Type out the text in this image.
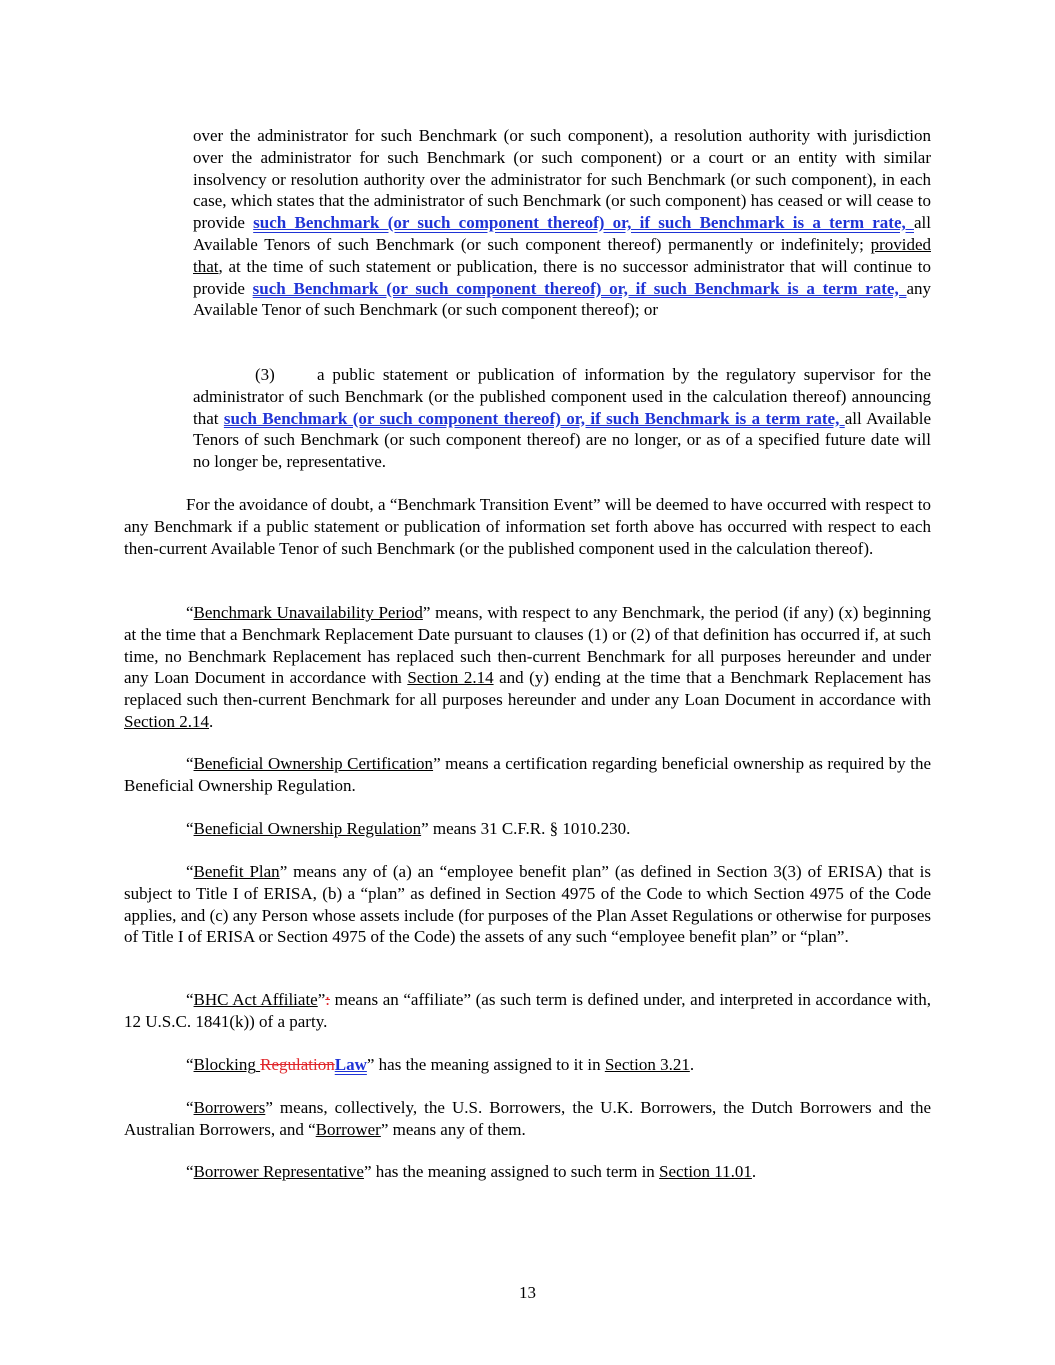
over the administrator for such Benchmark (or such component), a resolution authority with jurisdiction over the administrator for such Benchmark (or such component) or a court or an entity with similar insolvency or resolution authority over the administrator for such Benchmark (or such component), in each case, which states that the administrator of such Benchmark (or such component) has ceased or will cease to provide such Benchmark (or such component thereof) or, if such Benchmark is a term rate, all Available Tenors of such Benchmark (or such component thereof) permanently or indefinitely; provided that, at the time of such statement or publication, there is no successor administrator that will continue to provide such Benchmark (or such component thereof) or, if such Benchmark is a term rate, any Available Tenor of such Benchmark (or such component thereof); or

(3) a public statement or publication of information by the regulatory supervisor for the administrator of such Benchmark (or the published component used in the calculation thereof) announcing that such Benchmark (or such component thereof) or, if such Benchmark is a term rate, all Available Tenors of such Benchmark (or such component thereof) are no longer, or as of a specified future date will no longer be, representative.

For the avoidance of doubt, a “Benchmark Transition Event” will be deemed to have occurred with respect to any Benchmark if a public statement or publication of information set forth above has occurred with respect to each then-current Available Tenor of such Benchmark (or the published component used in the calculation thereof).

“Benchmark Unavailability Period” means, with respect to any Benchmark, the period (if any) (x) beginning at the time that a Benchmark Replacement Date pursuant to clauses (1) or (2) of that definition has occurred if, at such time, no Benchmark Replacement has replaced such then-current Benchmark for all purposes hereunder and under any Loan Document in accordance with Section 2.14 and (y) ending at the time that a Benchmark Replacement has replaced such then-current Benchmark for all purposes hereunder and under any Loan Document in accordance with Section 2.14.

“Beneficial Ownership Certification” means a certification regarding beneficial ownership as required by the Beneficial Ownership Regulation.

“Beneficial Ownership Regulation” means 31 C.F.R. § 1010.230.

“Benefit Plan” means any of (a) an “employee benefit plan” (as defined in Section 3(3) of ERISA) that is subject to Title I of ERISA, (b) a “plan” as defined in Section 4975 of the Code to which Section 4975 of the Code applies, and (c) any Person whose assets include (for purposes of the Plan Asset Regulations or otherwise for purposes of Title I of ERISA or Section 4975 of the Code) the assets of any such “employee benefit plan” or “plan”.

“BHC Act Affiliate”: means an “affiliate” (as such term is defined under, and interpreted in accordance with, 12 U.S.C. 1841(k)) of a party.

“Blocking RegulationLaw” has the meaning assigned to it in Section 3.21.

“Borrowers” means, collectively, the U.S. Borrowers, the U.K. Borrowers, the Dutch Borrowers and the Australian Borrowers, and “Borrower” means any of them.

“Borrower Representative” has the meaning assigned to such term in Section 11.01.

13
